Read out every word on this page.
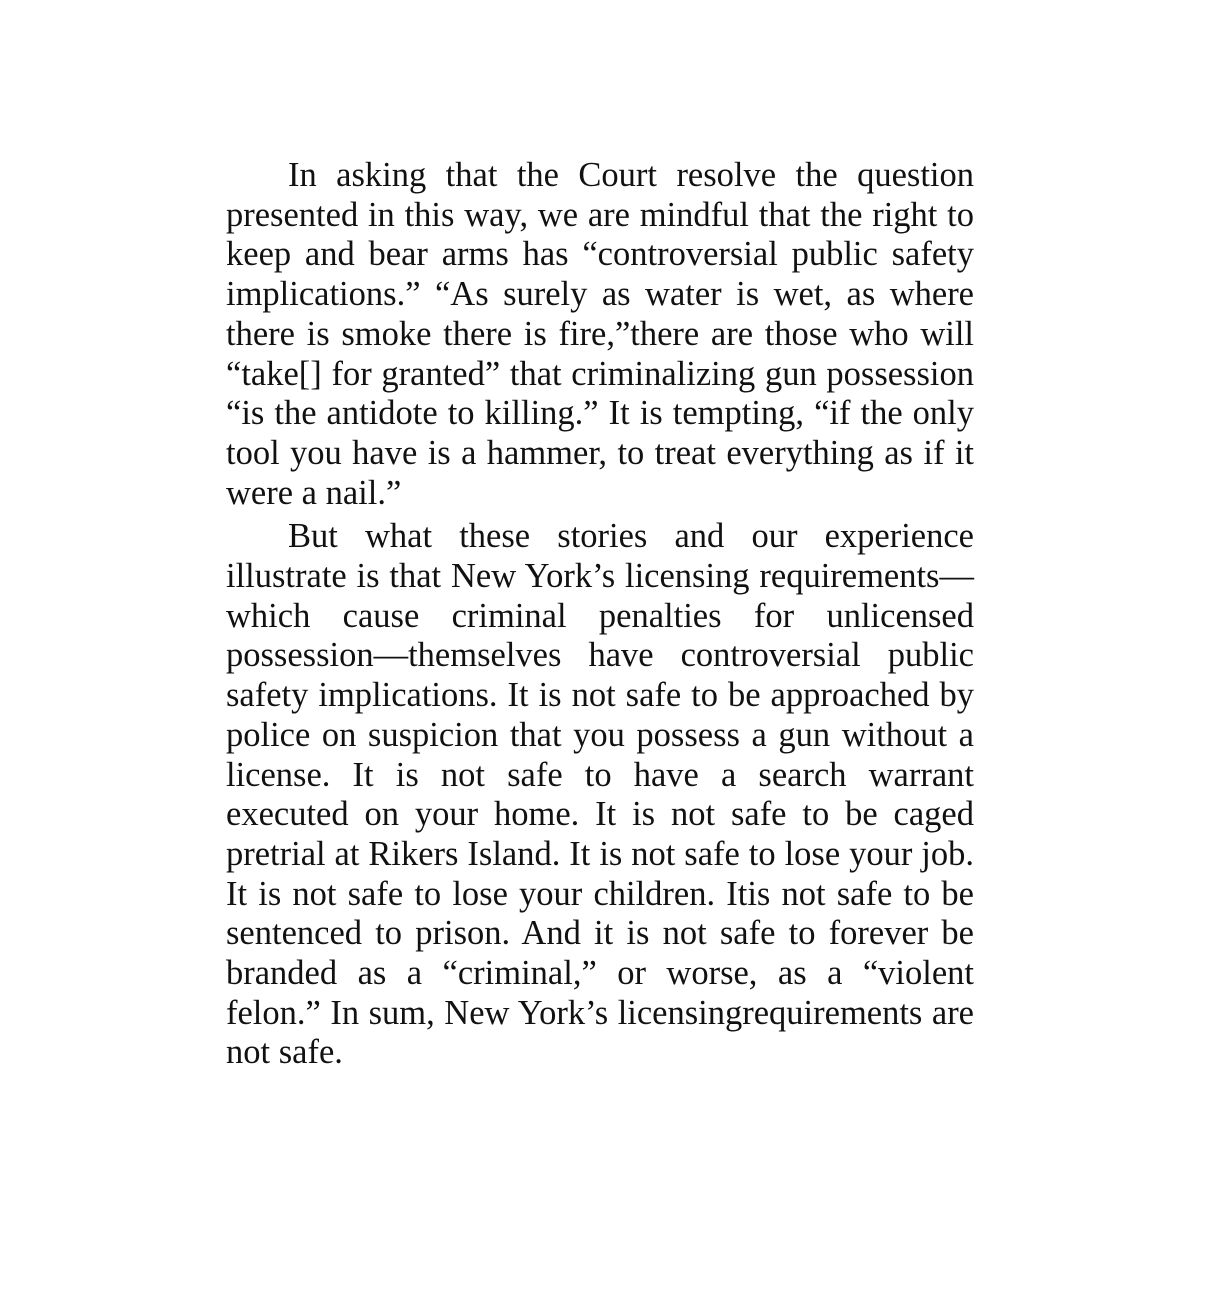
In asking that the Court resolve the question presented in this way, we are mindful that the right to keep and bear arms has “controversial public safety implications.” “As surely as water is wet, as where there is smoke there is fire,”there are those who will “take[] for granted” that criminalizing gun possession “is the antidote to killing.” It is tempting, “if the only tool you have is a hammer, to treat everything as if it were a nail.”

But what these stories and our experience illustrate is that New York’s licensing requirements— which cause criminal penalties for unlicensed possession—themselves have controversial public safety implications. It is not safe to be approached by police on suspicion that you possess a gun without a license. It is not safe to have a search warrant executed on your home. It is not safe to be caged pretrial at Rikers Island. It is not safe to lose your job. It is not safe to lose your children. Itis not safe to be sentenced to prison. And it is not safe to forever be branded as a “criminal,” or worse, as a “violent felon.” In sum, New York’s licensingrequirements are not safe.
